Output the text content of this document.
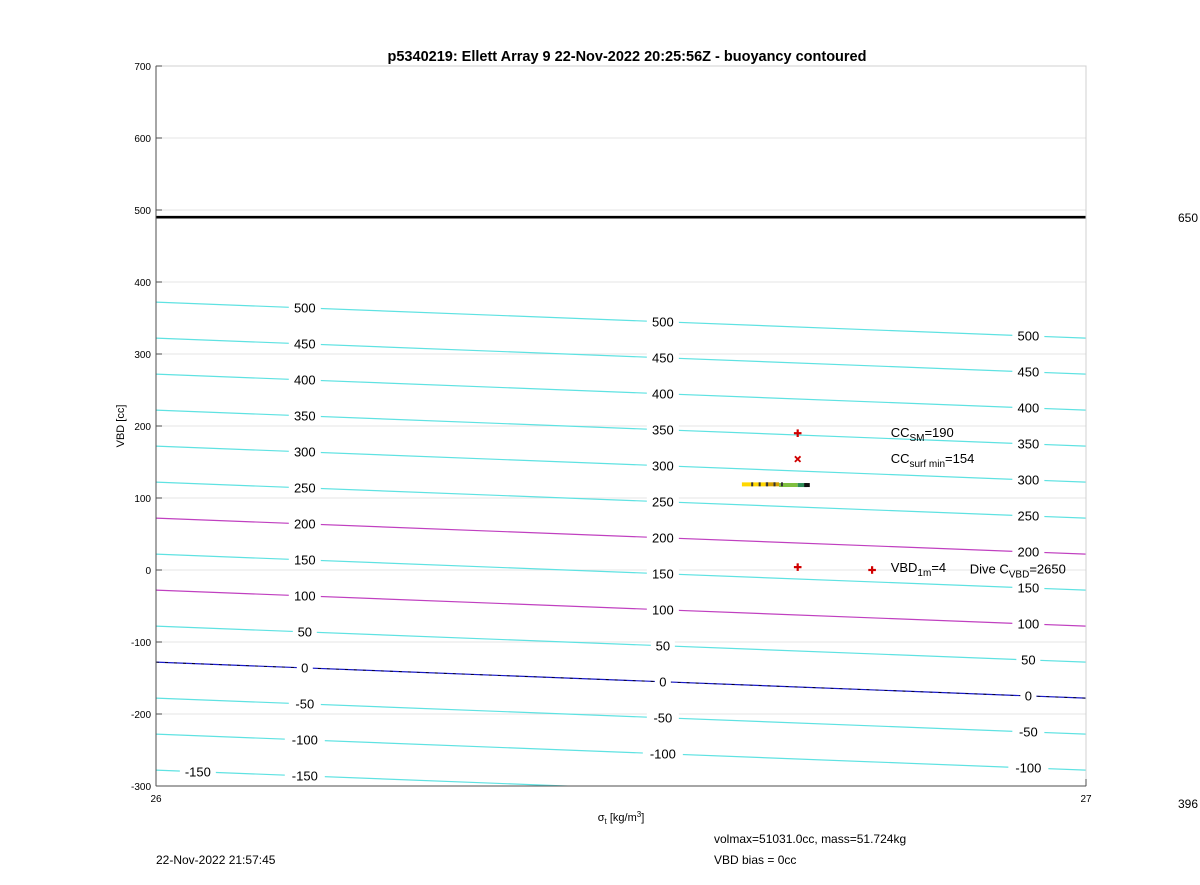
-150
-100
-100
-100
-50
-50
-50
0
0
0
50
50
50
100
100
100
150
150
150
200
200
200
250
250
250
300
300
300
350
350
350
400
400
400
450
450
450
500
500
500
-150
$CC_{SM}=190$
$CC_{surf min}=154$
$VBD_{1m}=4$ Dive $C_{VBD}=2650$
700
600
500
400
300
200
100
0
-100
-200
-300
26	27
$\sigma_t$ $[kg/m^3]$
VBD [cc]
p5340219: Ellett Array 9 22-Nov-2022 20:25:56Z - buoyancy contoured
650
396
22-Nov-2022 21:57:45
volmax=51031.0cc, mass=51.724kg
VBD bias = 0cc
